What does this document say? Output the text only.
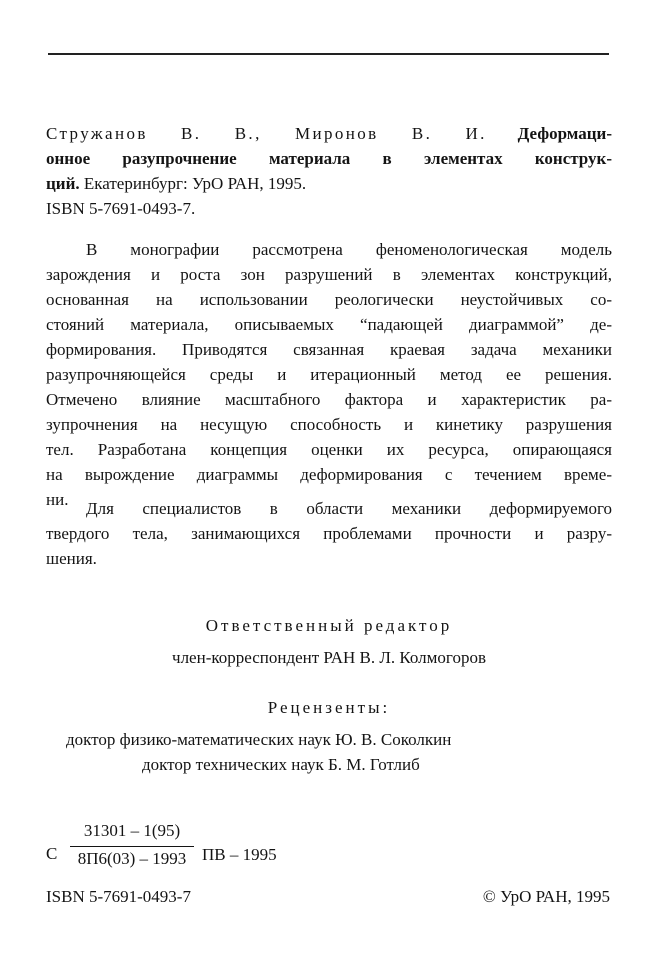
Стружанов В. В., Миронов В. И. Деформаци-
онное разупрочнение материала в элементах конструк-
ций. Екатеринбург: УрО РАН, 1995.
ISBN 5-7691-0493-7.
В монографии рассмотрена феноменологическая модель
зарождения и роста зон разрушений в элементах конструкций,
основанная на использовании реологически неустойчивых со-
стояний материала, описываемых “падающей диаграммой” де-
формирования. Приводятся связанная краевая задача механики
разупрочняющейся среды и итерационный метод ее решения.
Отмечено влияние масштабного фактора и характеристик ра-
зупрочнения на несущую способность и кинетику разрушения
тел. Разработана концепция оценки их ресурса, опирающаяся
на вырождение диаграммы деформирования с течением време-
ни.	Для специалистов в области механики деформируемого
твердого тела, занимающихся проблемами прочности и разру-
шения.
Ответственный редактор
член-корреспондент РАН В. Л. Колмогоров
Рецензенты:
доктор физико-математических наук Ю. В. Соколкин
доктор технических наук Б. М. Готлиб
С
31301 – 1(95)
8П6(03) – 1993 ПВ – 1995
ISBN 5-7691-0493-7	© УрО РАН, 1995
